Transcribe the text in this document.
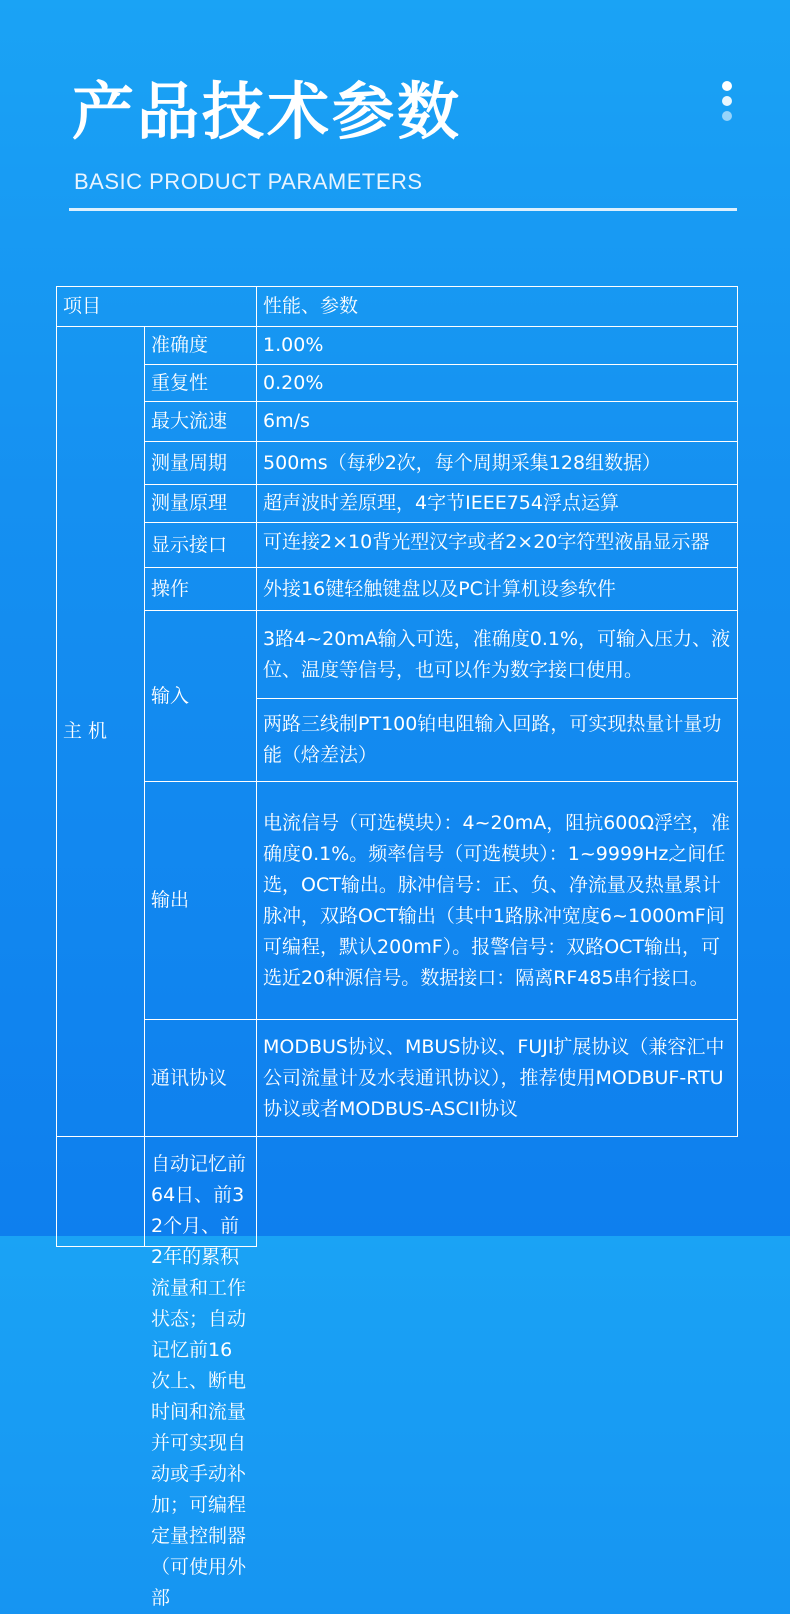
产品技术参数
BASIC PRODUCT PARAMETERS
项目		性能、参数
主 机	准确度	1.00%
	重复性	0.20%
	最大流速	6m/s
	测量周期	500ms（每秒2次，每个周期采集128组数据）
	测量原理	超声波时差原理，4字节IEEE754浮点运算
	显示接口	可连接2×10背光型汉字或者2×20字符型液晶显示器

	操作	外接16键轻触键盘以及PC计算机设参软件
	输入	3路4~20mA输入可选，准确度0.1%，可输入压力、液位、温度等信号，也可以作为数字接口使用。
		两路三线制PT100铂电阻输入回路，可实现热量计量功能（焓差法）
	输出	电流信号（可选模块）：4~20mA，阻抗600Ω浮空，准确度0.1%。频率信号（可选模块）：1~9999Hz之间任选，OCT输出。脉冲信号：正、负、净流量及热量累计脉冲，双路OCT输出（其中1路脉冲宽度6~1000mF间可编程，默认200mF）。报警信号：双路OCT输出，可选近20种源信号。数据接口：隔离RF485串行接口。
	通讯协议	MODBUS协议、MBUS协议、FUJI扩展协议（兼容汇中公司流量计及水表通讯协议），推荐使用MODBUF-RTU协议或者MODBUS-ASCII协议

	自动记忆前64日、前32个月、前2年的累积流量和工作状态；自动记忆前16次上、断电时间和流量并可实现自动或手动补加；可编程定量控制器（可使用外部	
